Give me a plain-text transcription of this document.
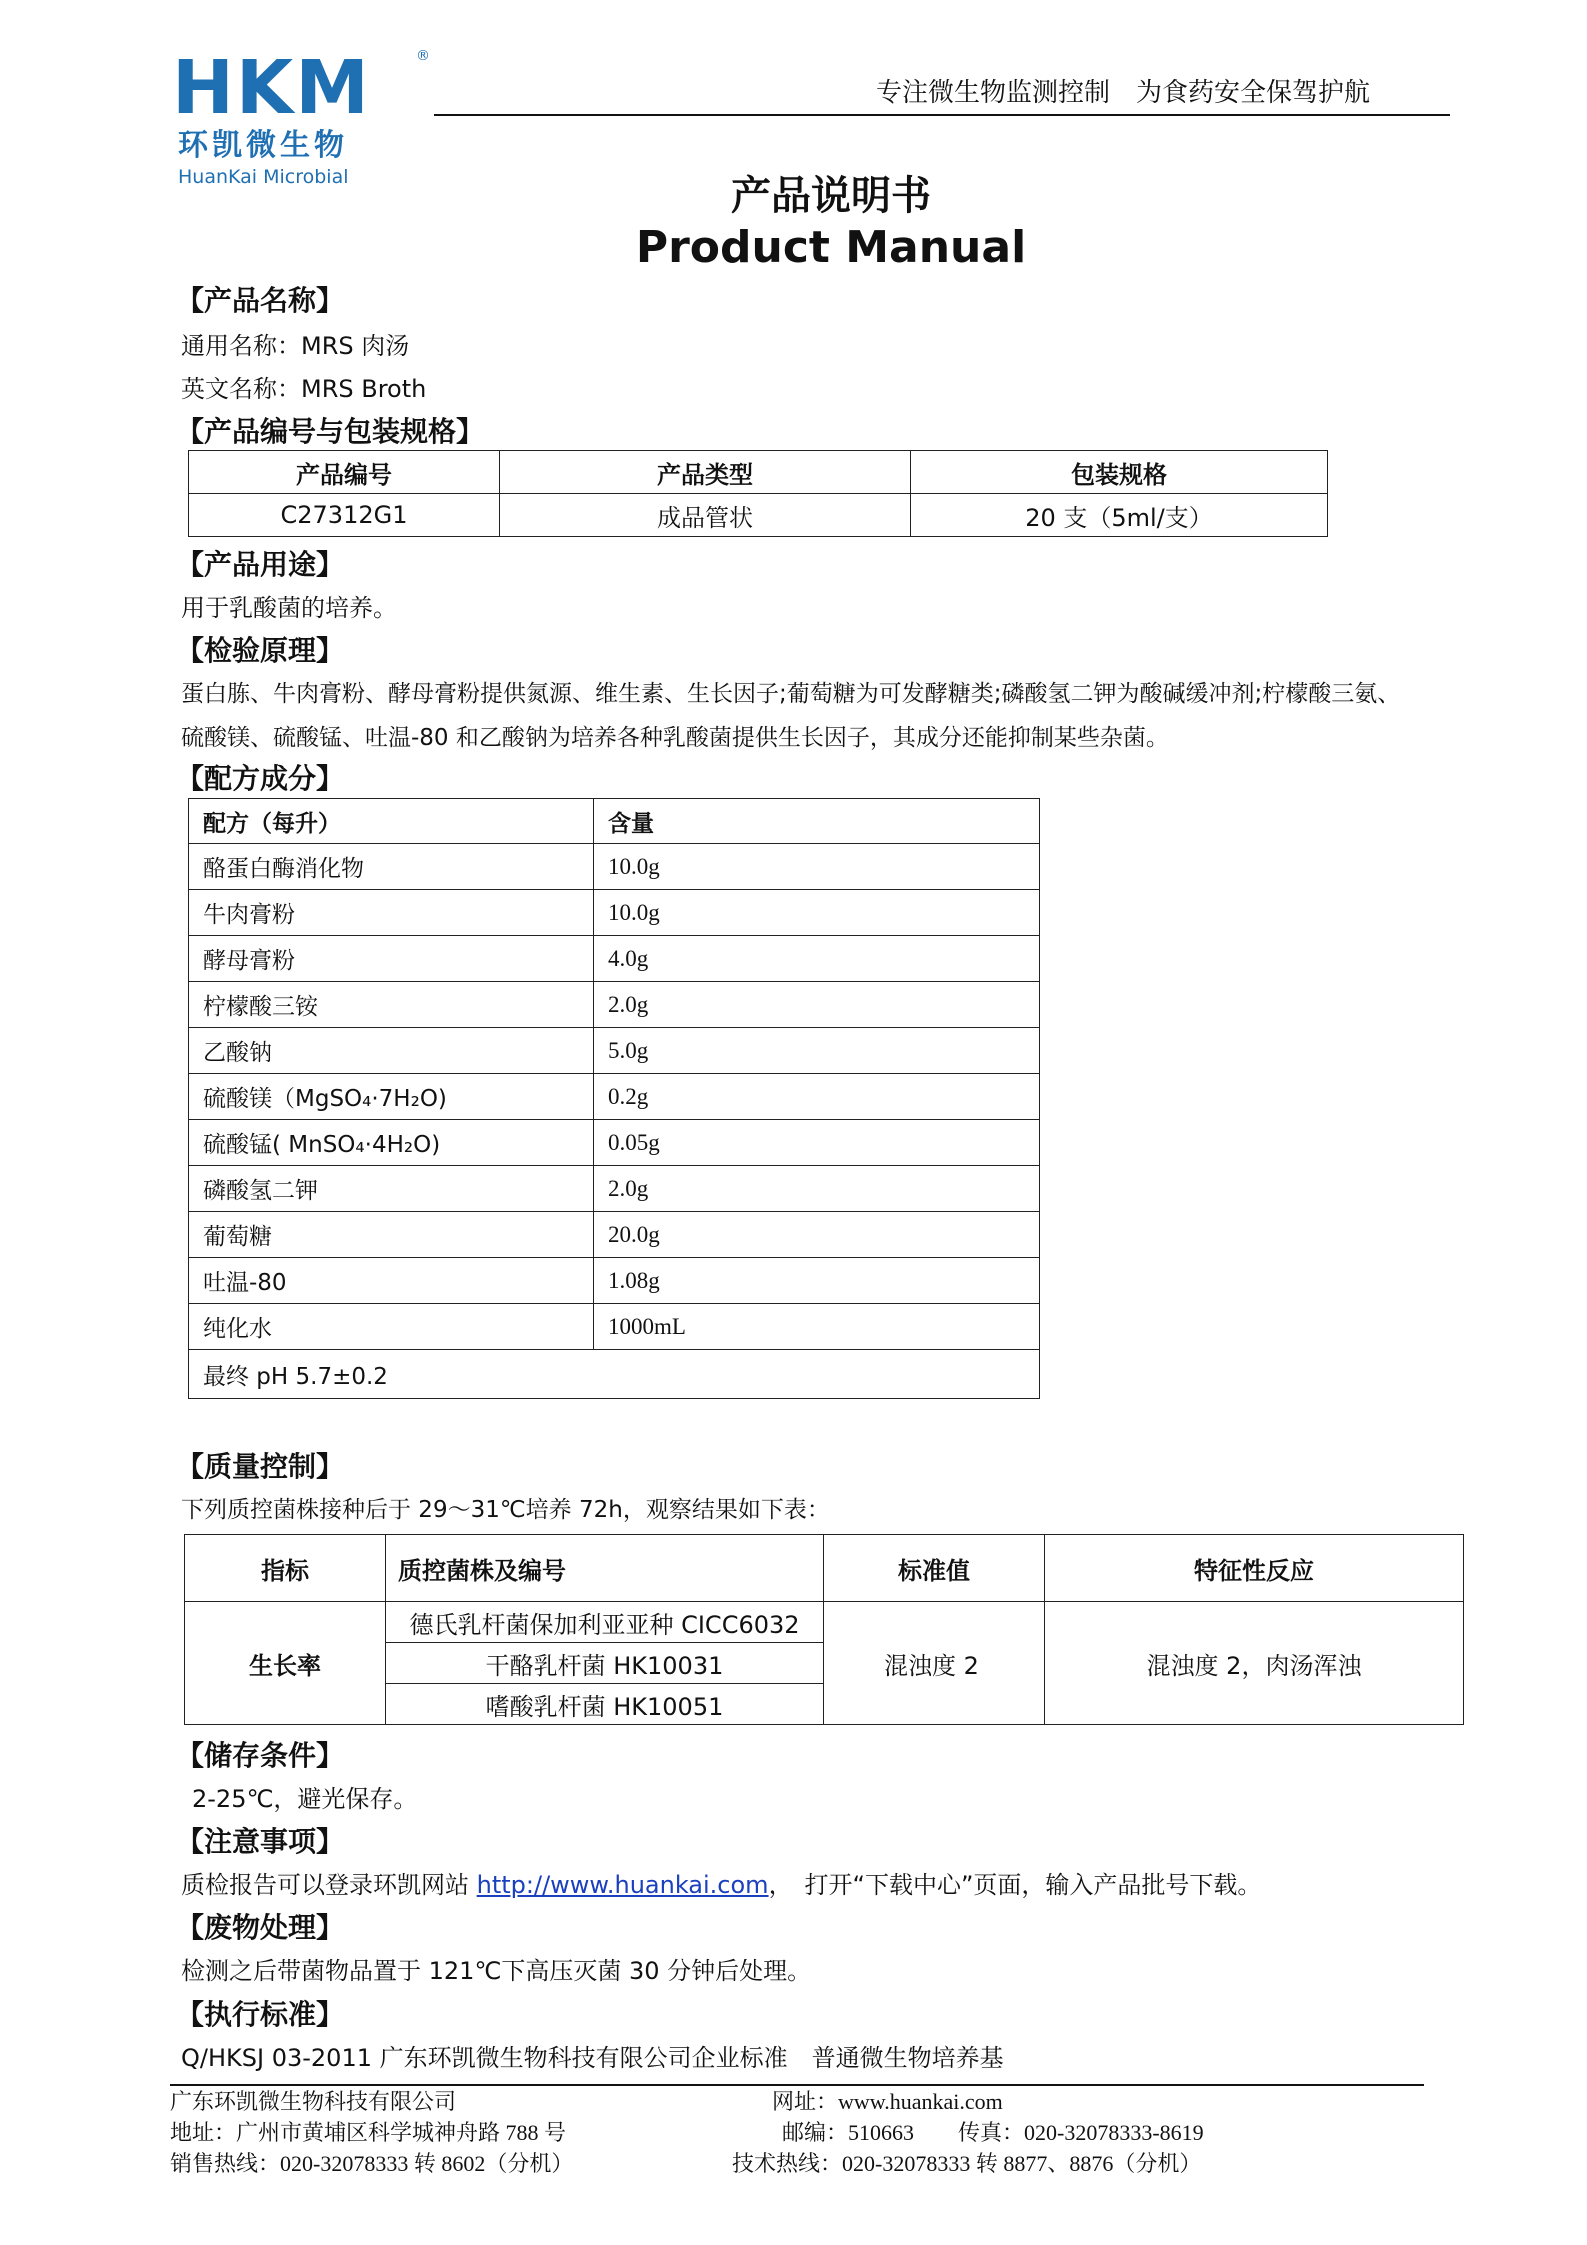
HKM	®
环凯微生物
HuanKai Microbial
专注微生物监测控制　为食药安全保驾护航
产品说明书
Product Manual
【产品名称】
通用名称：MRS 肉汤
英文名称：MRS Broth
【产品编号与包装规格】
产品编号	产品类型	包装规格
C27312G1	成品管状	20 支（5ml/支）
【产品用途】
用于乳酸菌的培养。
【检验原理】
蛋白胨、牛肉膏粉、酵母膏粉提供氮源、维生素、生长因子;葡萄糖为可发酵糖类;磷酸氢二钾为酸碱缓冲剂;柠檬酸三氨、
硫酸镁、硫酸锰、吐温-80 和乙酸钠为培养各种乳酸菌提供生长因子，其成分还能抑制某些杂菌。
【配方成分】
配方（每升）	含量
酪蛋白酶消化物	10.0g
牛肉膏粉	10.0g
酵母膏粉	4.0g
柠檬酸三铵	2.0g
乙酸钠	5.0g
硫酸镁（MgSO₄·7H₂O)	0.2g
硫酸锰( MnSO₄·4H₂O)	0.05g
磷酸氢二钾	2.0g
葡萄糖	20.0g
吐温-80	1.08g
纯化水	1000mL
最终 pH 5.7±0.2	
【质量控制】
下列质控菌株接种后于 29～31℃培养 72h，观察结果如下表：
指标	质控菌株及编号	标准值	特征性反应
生长率	德氏乳杆菌保加利亚亚种 CICC6032	混浊度 2	混浊度 2，肉汤浑浊
	干酪乳杆菌 HK10031		
	嗜酸乳杆菌 HK10051		
【储存条件】
2-25℃，避光保存。
【注意事项】
质检报告可以登录环凯网站 http://www.huankai.com，　打开“下载中心”页面，输入产品批号下载。
【废物处理】
检测之后带菌物品置于 121℃下高压灭菌 30 分钟后处理。
【执行标准】
Q/HKSJ 03-2011 广东环凯微生物科技有限公司企业标准　普通微生物培养基
广东环凯微生物科技有限公司
地址：广州市黄埔区科学城神舟路 788 号
销售热线：020-32078333 转 8602（分机）
网址：www.huankai.com
邮编：510663 传真：020-32078333-8619
技术热线：020-32078333 转 8877、8876（分机）
